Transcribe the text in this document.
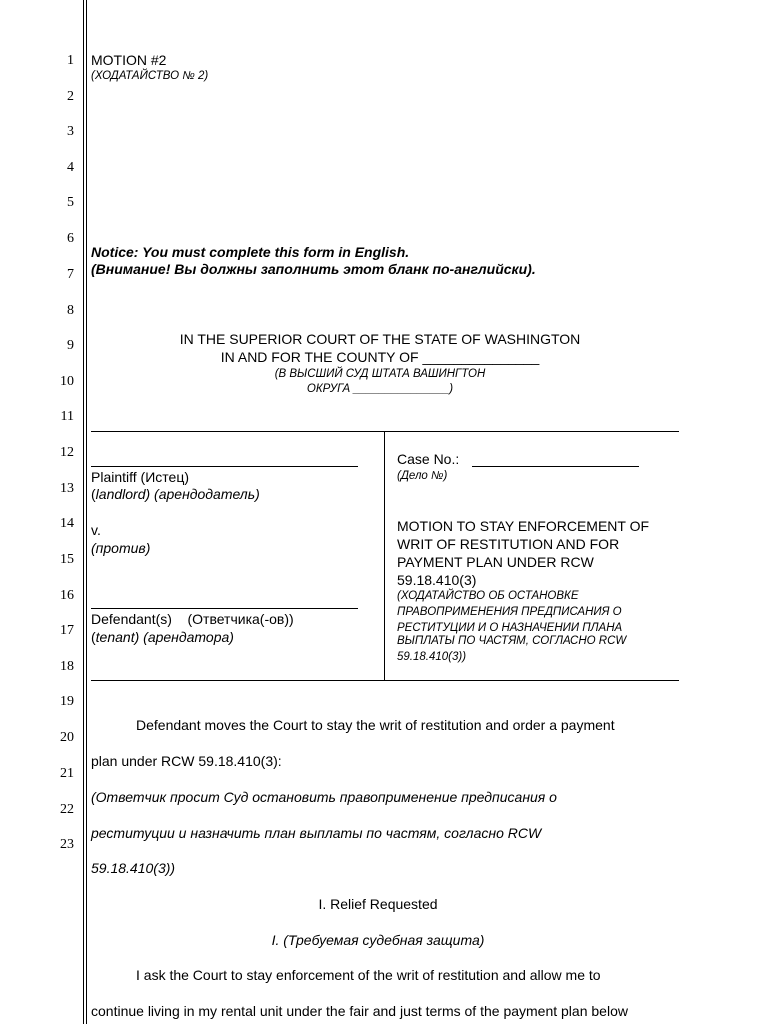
1
2
3
4
5
6
7
8
9
10
11
12
13
14
15
16
17
18
19
20
21
22
23
MOTION #2
(ХОДАТАЙСТВО № 2)
Notice: You must complete this form in English.
(Внимание! Вы должны заполнить этот бланк по-английски).
IN THE SUPERIOR COURT OF THE STATE OF WASHINGTON
IN AND FOR THE COUNTY OF _______________
(В ВЫСШИЙ СУД ШТАТА ВАШИНГТОН
ОКРУГА _______________)
Plaintiff (Истец)
(landlord) (арендодатель)
v.
(против)
Defendant(s)    (Ответчика(-ов))
(tenant) (арендатора)
Case No.:
(Дело №)
MOTION TO STAY ENFORCEMENT OF
WRIT OF RESTITUTION AND FOR
PAYMENT PLAN UNDER RCW
59.18.410(3)
(ХОДАТАЙСТВО ОБ ОСТАНОВКЕ
ПРАВОПРИМЕНЕНИЯ ПРЕДПИСАНИЯ О
РЕСТИТУЦИИ И О НАЗНАЧЕНИИ ПЛАНА
ВЫПЛАТЫ ПО ЧАСТЯМ, СОГЛАСНО RCW
59.18.410(3))
Defendant moves the Court to stay the writ of restitution and order a payment
plan under RCW 59.18.410(3):
(Ответчик просит Суд остановить правоприменение предписания о
реституции и назначить план выплаты по частям, согласно RCW
59.18.410(3))
I. Relief Requested
I. (Требуемая судебная защита)
I ask the Court to stay enforcement of the writ of restitution and allow me to
continue living in my rental unit under the fair and just terms of the payment plan below
